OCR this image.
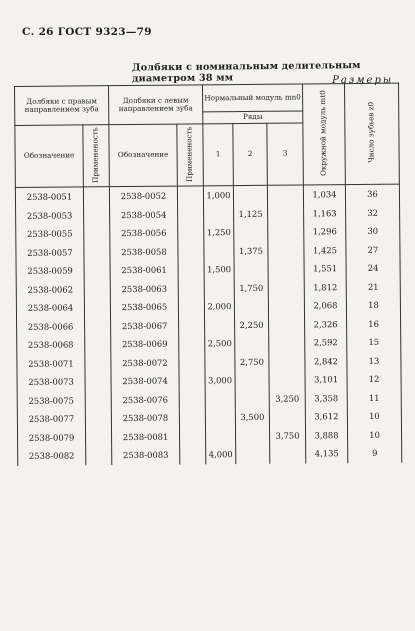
С. 26 ГОСТ 9323—79
Долбяки с номинальным делительным диаметром 38 мм	Размеры
Долбяки с правым направлением зуба		Долбяки с левым направлением зуба		Нормальный модуль mn0			Окружной модуль mt0	Число зубьев z0
				Ряды				
Обозначение	Примененость	Обозначение	Примененость	1	2	3		
2538-0051		2538-0052		1,000			1,034	36
2538-0053		2538-0054			1,125		1,163	32
2538-0055		2538-0056		1,250			1,296	30
2538-0057		2538-0058			1,375		1,425	27
2538-0059		2538-0061		1,500			1,551	24
2538-0062		2538-0063			1,750		1,812	21
2538-0064		2538-0065		2,000			2,068	18
2538-0066		2538-0067			2,250		2,326	16
2538-0068		2538-0069		2,500			2,592	15
2538-0071		2538-0072			2,750		2,842	13
2538-0073		2538-0074		3,000			3,101	12
2538-0075		2538-0076				3,250	3,358	11
2538-0077		2538-0078			3,500		3,612	10
2538-0079		2538-0081				3,750	3,888	10
2538-0082		2538-0083		4,000			4,135	9
